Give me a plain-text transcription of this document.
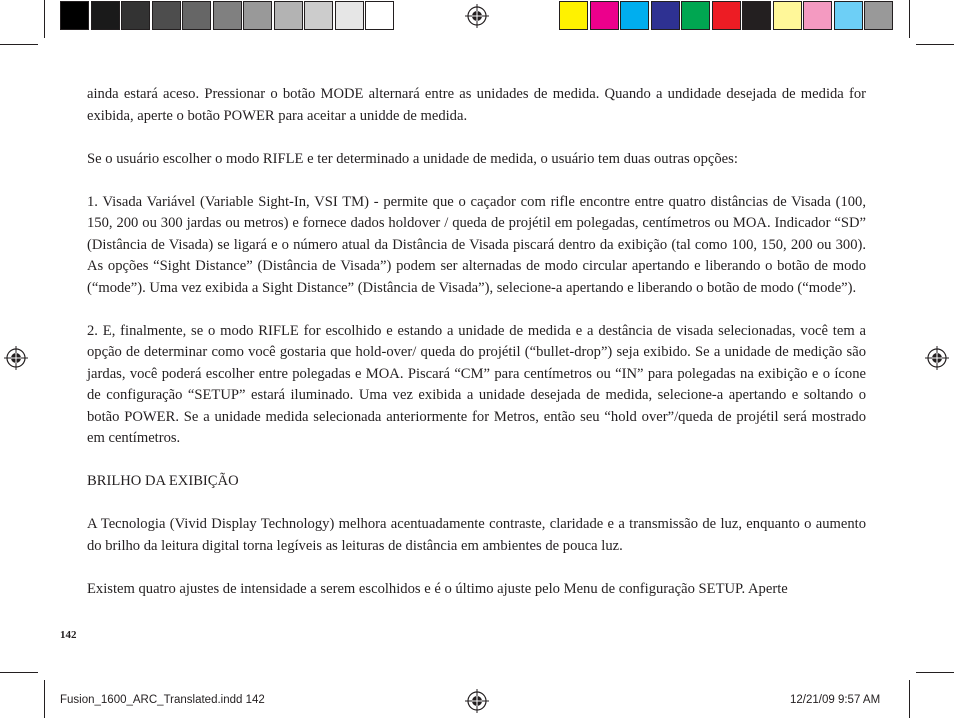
ainda estará aceso. Pressionar o botão MODE alternará entre as unidades de medida. Quando a undidade desejada de medida for exibida, aperte o botão POWER para aceitar a unidde de medida.

Se o usuário escolher o modo RIFLE e ter determinado a unidade de medida, o usuário tem duas outras opções:

1. Visada Variável (Variable Sight-In, VSI TM) - permite que o caçador com rifle encontre entre quatro distâncias de Visada (100, 150, 200 ou 300 jardas ou metros) e fornece dados holdover / queda de projétil em polegadas, centímetros ou MOA. Indicador “SD” (Distância de Visada) se ligará e o número atual da Distância de Visada piscará dentro da exibição (tal como 100, 150, 200 ou 300). As opções “Sight Distance” (Distância de Visada”) podem ser alternadas de modo circular apertando e liberando o botão de modo (“mode”). Uma vez exibida a Sight Distance” (Distância de Visada”), selecione-a apertando e liberando o botão de modo (“mode”).

2. E, finalmente, se o modo RIFLE for escolhido e estando a unidade de medida e a destância de visada selecionadas, você tem a opção de determinar como você gostaria que hold-over/ queda do projétil (“bullet-drop”) seja exibido. Se a unidade de medição são jardas, você poderá escolher entre polegadas e MOA. Piscará “CM” para centímetros ou “IN” para polegadas na exibição e o ícone de configuração “SETUP” estará iluminado. Uma vez exibida a unidade desejada de medida, selecione-a apertando e soltando o botão POWER. Se a unidade medida selecionada anteriormente for Metros, então seu “hold over”/queda de projétil será mostrado em centímetros.

BRILHO DA EXIBIÇÃO

A Tecnologia (Vivid Display Technology) melhora acentuadamente contraste, claridade e a transmissão de luz, enquanto o aumento do brilho da leitura digital torna legíveis as leituras de distância em ambientes de pouca luz.

Existem quatro ajustes de intensidade a serem escolhidos e é o último ajuste pelo Menu de configuração SETUP. Aperte

142
Fusion_1600_ARC_Translated.indd 142	12/21/09 9:57 AM
